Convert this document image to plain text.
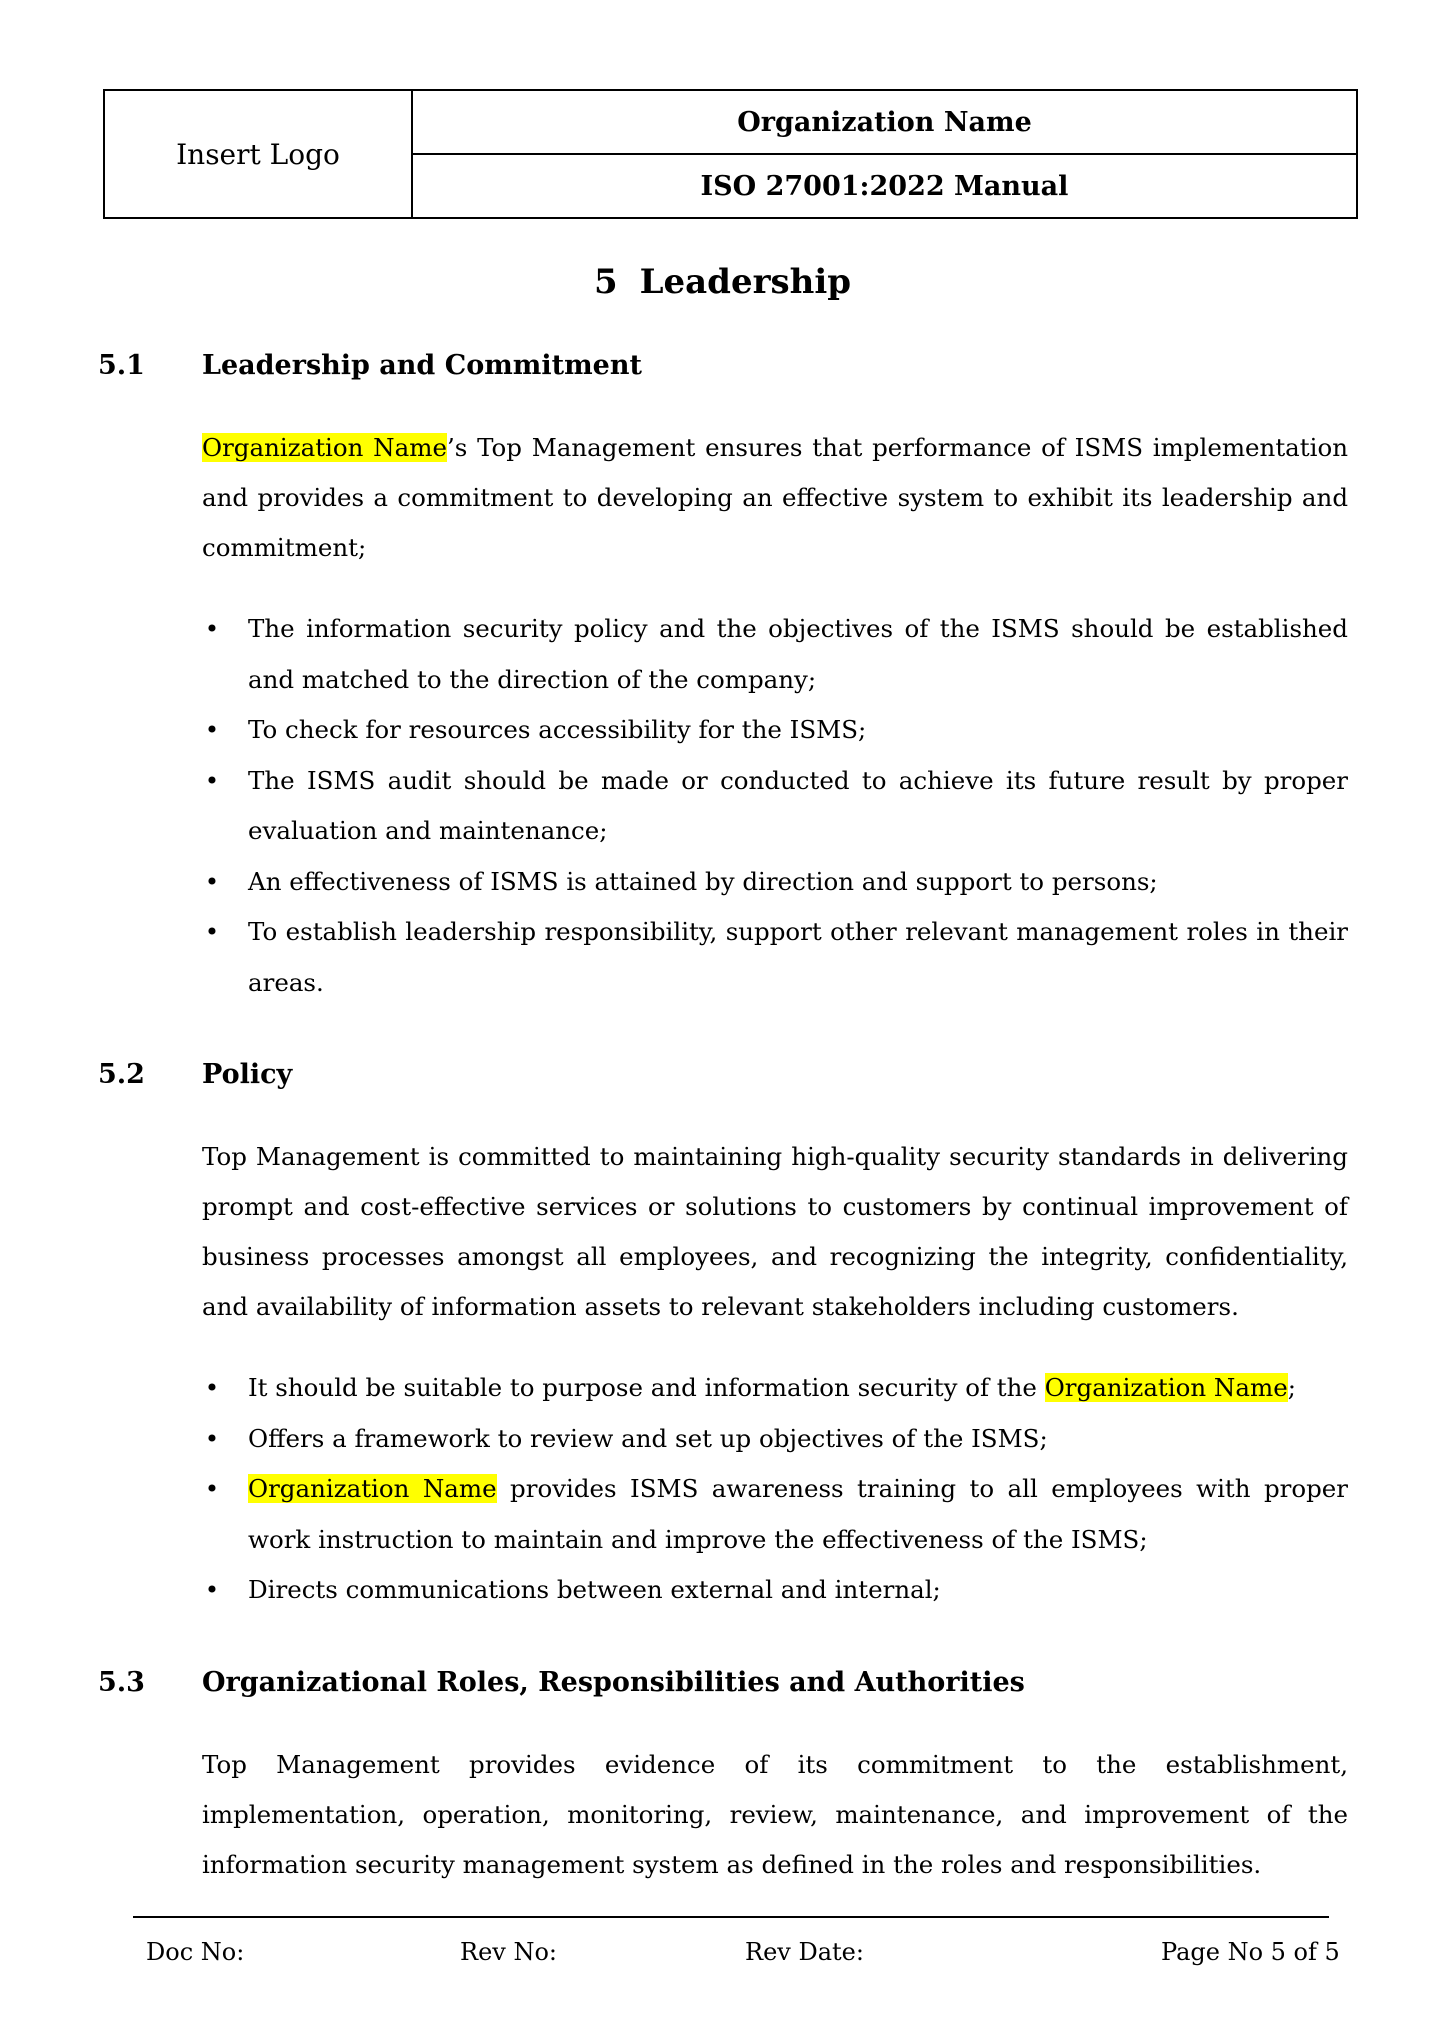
Insert Logo
Organization Name
ISO 27001:2022 Manual
5 Leadership
5.1 Leadership and Commitment

Organization Name’s Top Management ensures that performance of ISMS implementation and provides a commitment to developing an effective system to exhibit its leadership and commitment;

• The information security policy and the objectives of the ISMS should be established and matched to the direction of the company;
• To check for resources accessibility for the ISMS;
• The ISMS audit should be made or conducted to achieve its future result by proper evaluation and maintenance;
• An effectiveness of ISMS is attained by direction and support to persons;
• To establish leadership responsibility, support other relevant management roles in their areas.
5.2 Policy

Top Management is committed to maintaining high-quality security standards in delivering prompt and cost-effective services or solutions to customers by continual improvement of business processes amongst all employees, and recognizing the integrity, confidentiality, and availability of information assets to relevant stakeholders including customers.

• It should be suitable to purpose and information security of the Organization Name;
• Offers a framework to review and set up objectives of the ISMS;
• Organization Name provides ISMS awareness training to all employees with proper work instruction to maintain and improve the effectiveness of the ISMS;
• Directs communications between external and internal;
5.3 Organizational Roles, Responsibilities and Authorities

Top Management provides evidence of its commitment to the establishment, implementation, operation, monitoring, review, maintenance, and improvement of the information security management system as defined in the roles and responsibilities.

Doc No:	Rev No:	Rev Date:	Page No 5 of 5
